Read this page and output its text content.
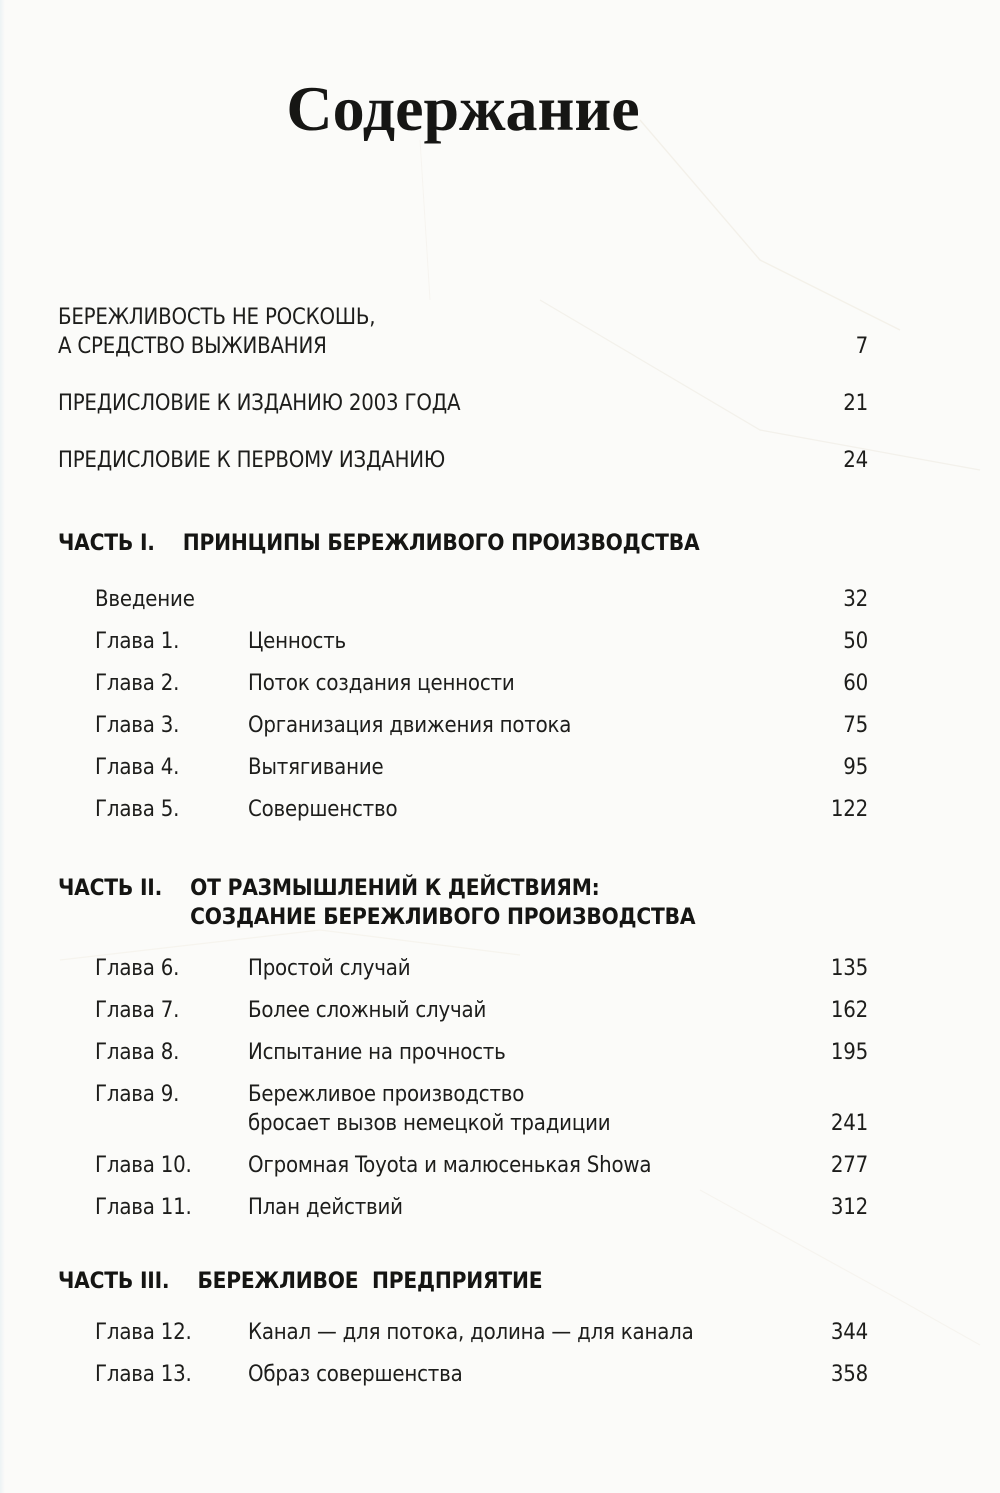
Содержание
БЕРЕЖЛИВОСТЬ НЕ РОСКОШЬ,
А СРЕДСТВО ВЫЖИВАНИЯ	7
ПРЕДИСЛОВИЕ К ИЗДАНИЮ 2003 ГОДА	21
ПРЕДИСЛОВИЕ К ПЕРВОМУ ИЗДАНИЮ	24
ЧАСТЬ I. ПРИНЦИПЫ БЕРЕЖЛИВОГО ПРОИЗВОДСТВА
Введение	32
Глава 1.	Ценность	50
Глава 2.	Поток создания ценности	60
Глава 3.	Организация движения потока	75
Глава 4.	Вытягивание	95
Глава 5.	Совершенство	122
ЧАСТЬ II. ОТ РАЗМЫШЛЕНИЙ К ДЕЙСТВИЯМ:
СОЗДАНИЕ БЕРЕЖЛИВОГО ПРОИЗВОДСТВА
Глава 6.	Простой случай	135
Глава 7.	Более сложный случай	162
Глава 8.	Испытание на прочность	195
Глава 9.	Бережливое производство
бросает вызов немецкой традиции	241
Глава 10.	Огромная Toyota и малюсенькая Showa	277
Глава 11.	План действий	312
ЧАСТЬ III. БЕРЕЖЛИВОЕ  ПРЕДПРИЯТИЕ
Глава 12.	Канал — для потока, долина — для канала	344
Глава 13.	Образ совершенства	358
